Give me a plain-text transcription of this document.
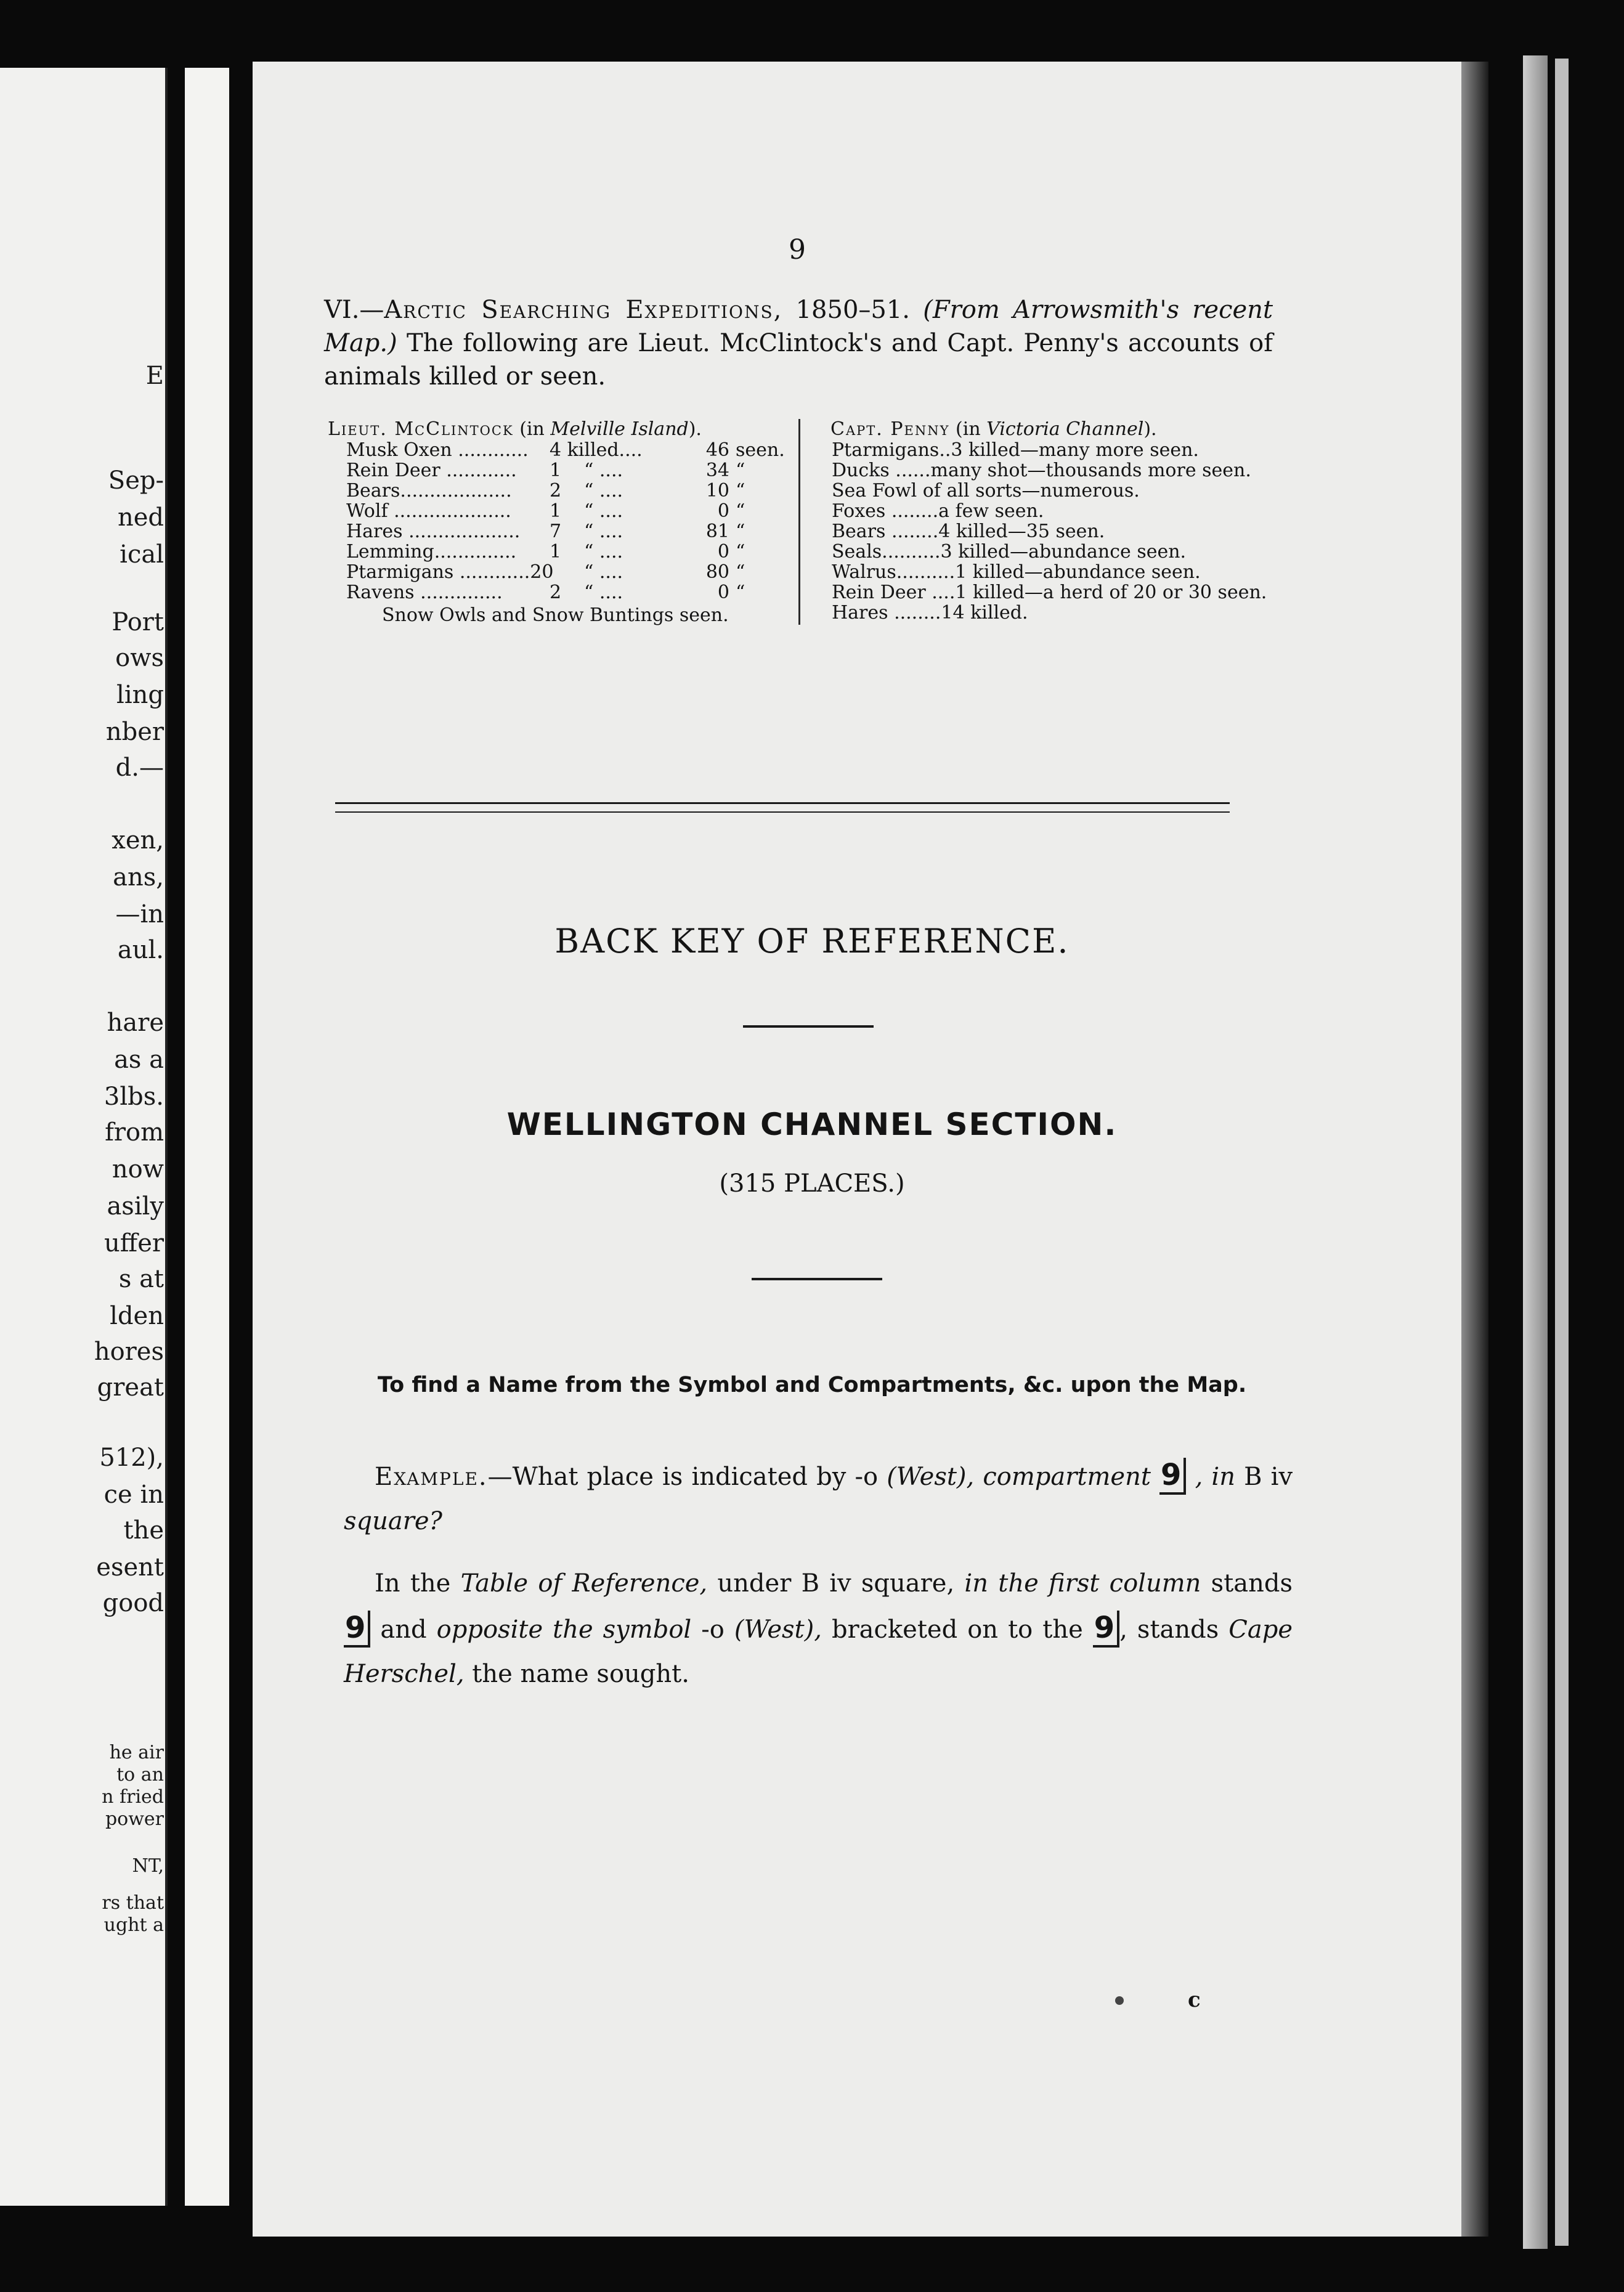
E
Sep-
ned
ical
Port
ows
ling
nber
d.—
xen,
ans,
—in
aul.
hare
as a
3lbs.
from
now
asily
uffer
s at
lden
hores
great
512),
ce in
the
esent
good
he air
to an
n fried
power
NT,
rs that
ught a
9
VI.—Arctic Searching Expeditions, 1850–51. (From Arrowsmith's recent Map.) The following are Lieut. McClintock's and Capt. Penny's accounts of animals killed or seen.
Lieut. McClintock (in Melville Island).
Musk Oxen ............ 4 killed....	46 seen.
Rein Deer ............ 1 “ ....	34 “
Bears................... 2 “ ....	10 “
Wolf .................... 1 “ ....	0 “
Hares ................... 7 “ ....	81 “
Lemming.............. 1 “ ....	0 “
Ptarmigans ............20 “ ....	80 “
Ravens ..............	2 “ ....	0 “
Snow Owls and Snow Buntings seen.
Capt. Penny (in Victoria Channel).
Ptarmigans..3 killed—many more seen.
Ducks ......many shot—thousands more seen.
Sea Fowl of all sorts—numerous.
Foxes ........a few seen.
Bears ........4 killed—35 seen.
Seals..........3 killed—abundance seen.
Walrus..........1 killed—abundance seen.
Rein Deer ....1 killed—a herd of 20 or 30 seen.
Hares ........14 killed.
BACK KEY OF REFERENCE.
WELLINGTON CHANNEL SECTION.
(315 PLACES.)
To find a Name from the Symbol and Compartments, &c. upon the Map.
Example.—What place is indicated by -o (West), compartment 9 , in B iv square?
In the Table of Reference, under B iv square, in the first column stands 9 and opposite the symbol -o (West), bracketed on to the 9 , stands Cape Herschel, the name sought.
c
